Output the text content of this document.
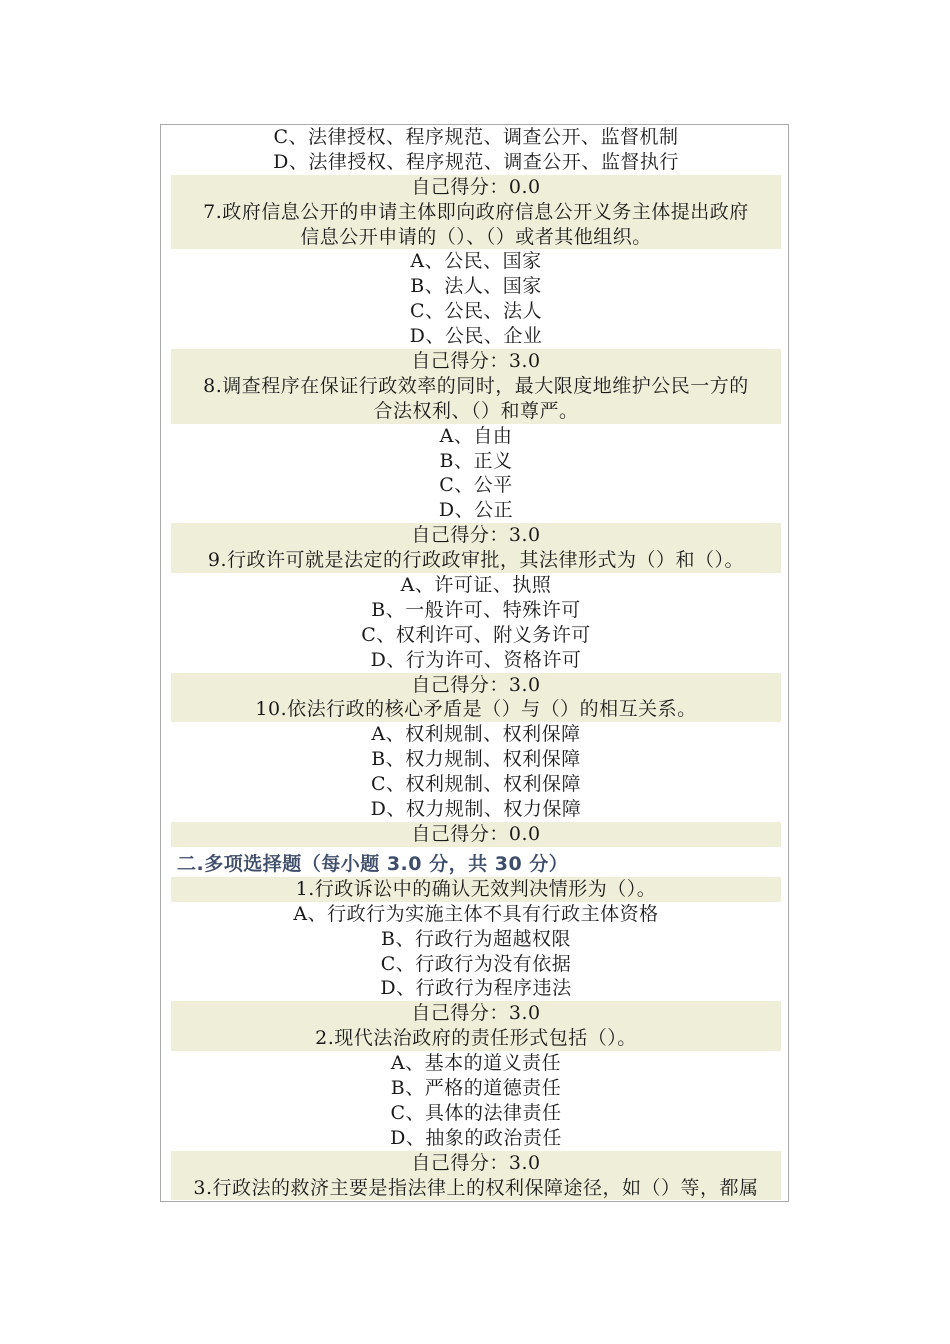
C、法律授权、程序规范、调查公开、监督机制
D、法律授权、程序规范、调查公开、监督执行
自己得分：0.0
7.政府信息公开的申请主体即向政府信息公开义务主体提出政府
信息公开申请的（）、（）或者其他组织。
A、公民、国家
B、法人、国家
C、公民、法人
D、公民、企业
自己得分：3.0
8.调查程序在保证行政效率的同时，最大限度地维护公民一方的
合法权利、（）和尊严。
A、自由
B、正义
C、公平
D、公正
自己得分：3.0
9.行政许可就是法定的行政政审批，其法律形式为（）和（）。
A、许可证、执照
B、一般许可、特殊许可
C、权利许可、附义务许可
D、行为许可、资格许可
自己得分：3.0
10.依法行政的核心矛盾是（）与（）的相互关系。
A、权利规制、权利保障
B、权力规制、权利保障
C、权利规制、权利保障
D、权力规制、权力保障
自己得分：0.0
二.多项选择题（每小题 3.0 分，共 30 分）
1.行政诉讼中的确认无效判决情形为（）。
A、行政行为实施主体不具有行政主体资格
B、行政行为超越权限
C、行政行为没有依据
D、行政行为程序违法
自己得分：3.0
2.现代法治政府的责任形式包括（）。
A、基本的道义责任
B、严格的道德责任
C、具体的法律责任
D、抽象的政治责任
自己得分：3.0
3.行政法的救济主要是指法律上的权利保障途径，如（）等，都属
